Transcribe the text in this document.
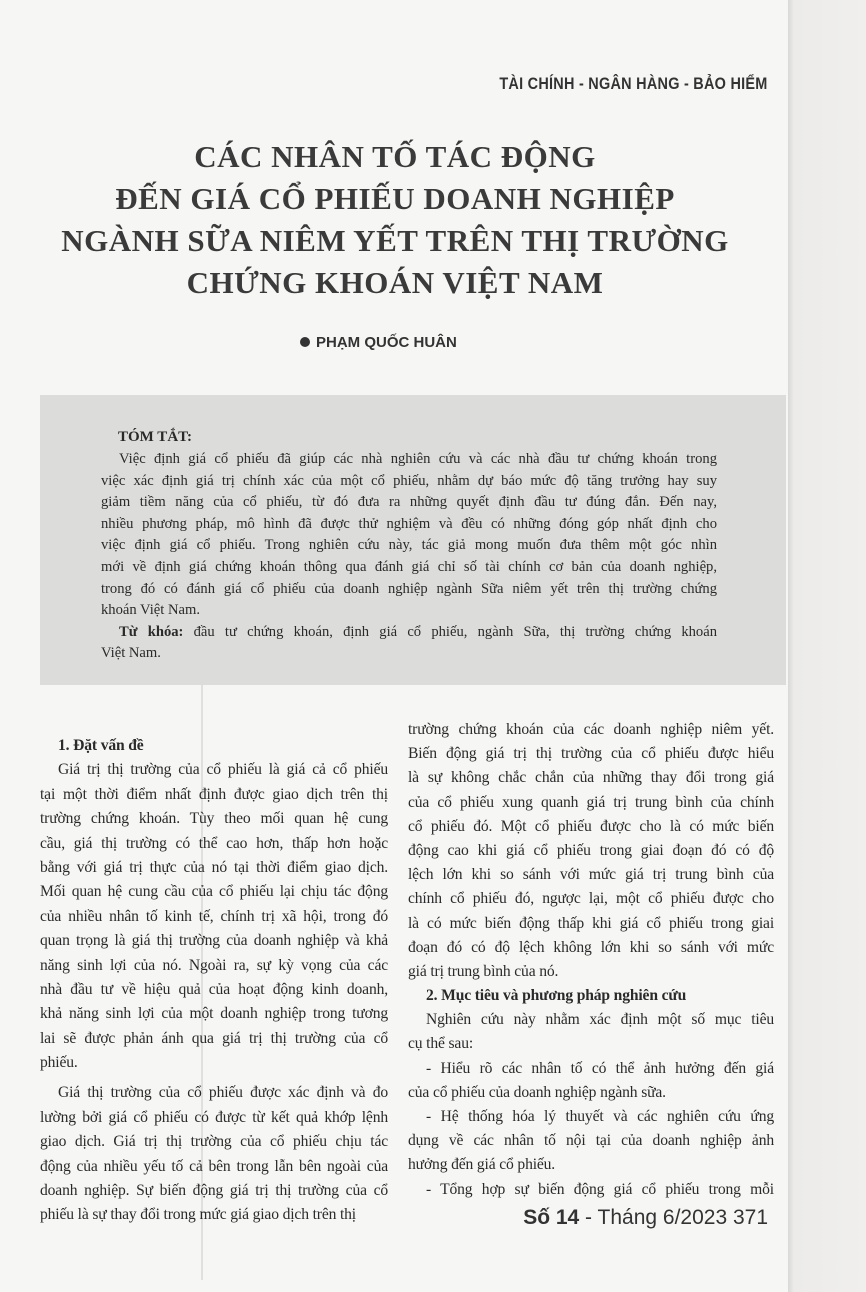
TÀI CHÍNH - NGÂN HÀNG - BẢO HIỂM
CÁC NHÂN TỐ TÁC ĐỘNG
ĐẾN GIÁ CỔ PHIẾU DOANH NGHIỆP
NGÀNH SỮA NIÊM YẾT TRÊN THỊ TRƯỜNG
CHỨNG KHOÁN VIỆT NAM
PHẠM QUỐC HUÂN
TÓM TẮT:
Việc định giá cổ phiếu đã giúp các nhà nghiên cứu và các nhà đầu tư chứng khoán trong
việc xác định giá trị chính xác của một cổ phiếu, nhằm dự báo mức độ tăng trưởng hay suy
giảm tiềm năng của cổ phiếu, từ đó đưa ra những quyết định đầu tư đúng đắn. Đến nay,
nhiều phương pháp, mô hình đã được thử nghiệm và đều có những đóng góp nhất định cho
việc định giá cổ phiếu. Trong nghiên cứu này, tác giả mong muốn đưa thêm một góc nhìn
mới về định giá chứng khoán thông qua đánh giá chỉ số tài chính cơ bản của doanh nghiệp,
trong đó có đánh giá cổ phiếu của doanh nghiệp ngành Sữa niêm yết trên thị trường chứng
khoán Việt Nam.
Từ khóa: đầu tư chứng khoán, định giá cổ phiếu, ngành Sữa, thị trường chứng khoán
Việt Nam.
1. Đặt vấn đề
Giá trị thị trường của cổ phiếu là giá cả cổ phiếu
tại một thời điểm nhất định được giao dịch trên thị
trường chứng khoán. Tùy theo mối quan hệ cung
cầu, giá thị trường có thể cao hơn, thấp hơn hoặc
bằng với giá trị thực của nó tại thời điểm giao dịch.
Mối quan hệ cung cầu của cổ phiếu lại chịu tác động
của nhiều nhân tố kinh tế, chính trị xã hội, trong đó
quan trọng là giá thị trường của doanh nghiệp và khả
năng sinh lợi của nó. Ngoài ra, sự kỳ vọng của các
nhà đầu tư về hiệu quả của hoạt động kinh doanh,
khả năng sinh lợi của một doanh nghiệp trong tương
lai sẽ được phản ánh qua giá trị thị trường của cổ
phiếu.
Giá thị trường của cổ phiếu được xác định và đo
lường bởi giá cổ phiếu có được từ kết quả khớp lệnh
giao dịch. Giá trị thị trường của cổ phiếu chịu tác
động của nhiều yếu tố cả bên trong lẫn bên ngoài của
doanh nghiệp. Sự biến động giá trị thị trường của cổ
phiếu là sự thay đổi trong mức giá giao dịch trên thị
trường chứng khoán của các doanh nghiệp niêm yết.
Biến động giá trị thị trường của cổ phiếu được hiểu
là sự không chắc chắn của những thay đổi trong giá
của cổ phiếu xung quanh giá trị trung bình của chính
cổ phiếu đó. Một cổ phiếu được cho là có mức biến
động cao khi giá cổ phiếu trong giai đoạn đó có độ
lệch lớn khi so sánh với mức giá trị trung bình của
chính cổ phiếu đó, ngược lại, một cổ phiếu được cho
là có mức biến động thấp khi giá cổ phiếu trong giai
đoạn đó có độ lệch không lớn khi so sánh với mức
giá trị trung bình của nó.
2. Mục tiêu và phương pháp nghiên cứu
Nghiên cứu này nhằm xác định một số mục tiêu
cụ thể sau:
- Hiểu rõ các nhân tố có thể ảnh hưởng đến giá
của cổ phiếu của doanh nghiệp ngành sữa.
- Hệ thống hóa lý thuyết và các nghiên cứu ứng
dụng về các nhân tố nội tại của doanh nghiệp ảnh
hưởng đến giá cổ phiếu.
- Tổng hợp sự biến động giá cổ phiếu trong mỗi
Số 14 - Tháng 6/2023 371
